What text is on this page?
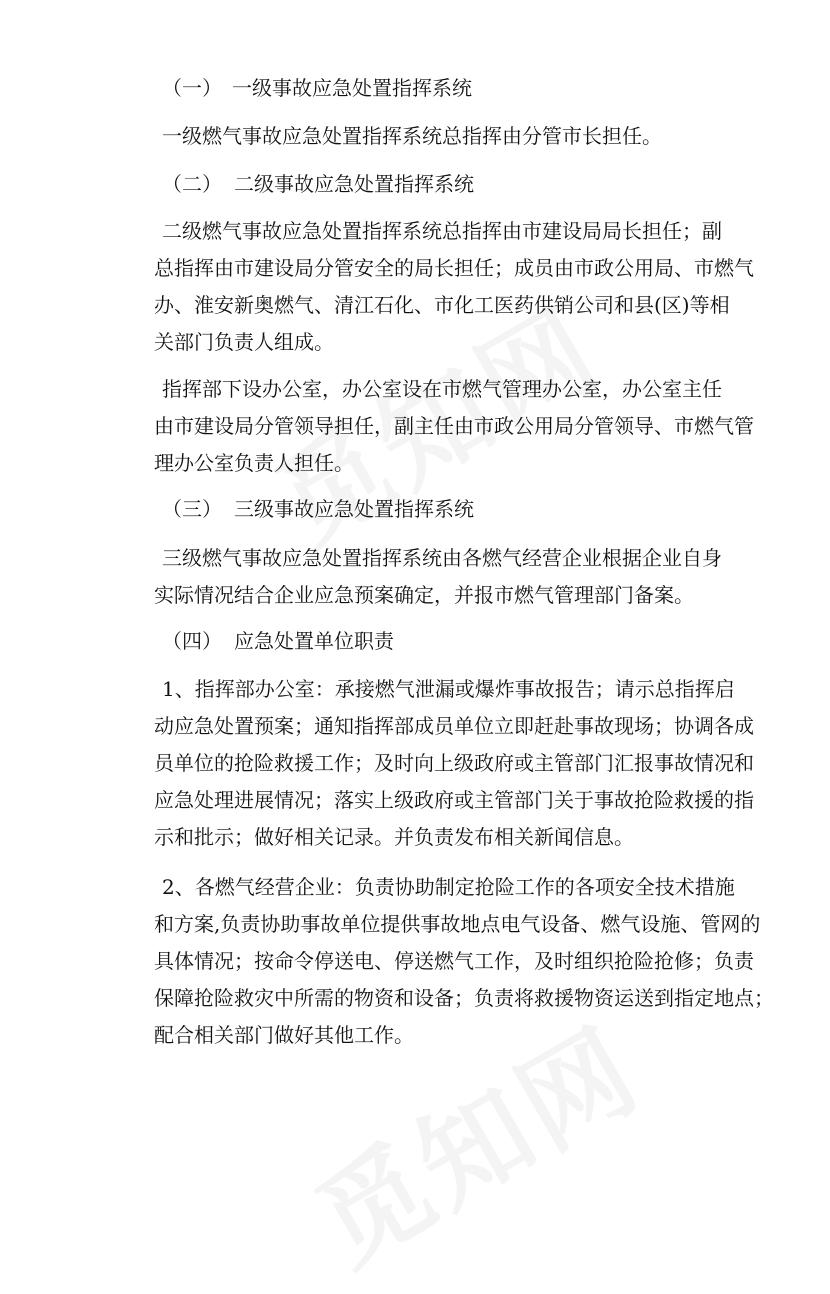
（一） 一级事故应急处置指挥系统
一级燃气事故应急处置指挥系统总指挥由分管市长担任。
（二） 二级事故应急处置指挥系统
二级燃气事故应急处置指挥系统总指挥由市建设局局长担任；副
总指挥由市建设局分管安全的局长担任；成员由市政公用局、市燃气
办、淮安新奥燃气、清江石化、市化工医药供销公司和县(区)等相
关部门负责人组成。
指挥部下设办公室，办公室设在市燃气管理办公室，办公室主任
由市建设局分管领导担任，副主任由市政公用局分管领导、市燃气管
理办公室负责人担任。
（三） 三级事故应急处置指挥系统
三级燃气事故应急处置指挥系统由各燃气经营企业根据企业自身
实际情况结合企业应急预案确定，并报市燃气管理部门备案。
（四） 应急处置单位职责
1、指挥部办公室：承接燃气泄漏或爆炸事故报告；请示总指挥启
动应急处置预案；通知指挥部成员单位立即赶赴事故现场；协调各成
员单位的抢险救援工作；及时向上级政府或主管部门汇报事故情况和
应急处理进展情况；落实上级政府或主管部门关于事故抢险救援的指
示和批示；做好相关记录。并负责发布相关新闻信息。
2、各燃气经营企业：负责协助制定抢险工作的各项安全技术措施
和方案,负责协助事故单位提供事故地点电气设备、燃气设施、管网的
具体情况；按命令停送电、停送燃气工作，及时组织抢险抢修；负责
保障抢险救灾中所需的物资和设备；负责将救援物资运送到指定地点；
配合相关部门做好其他工作。
